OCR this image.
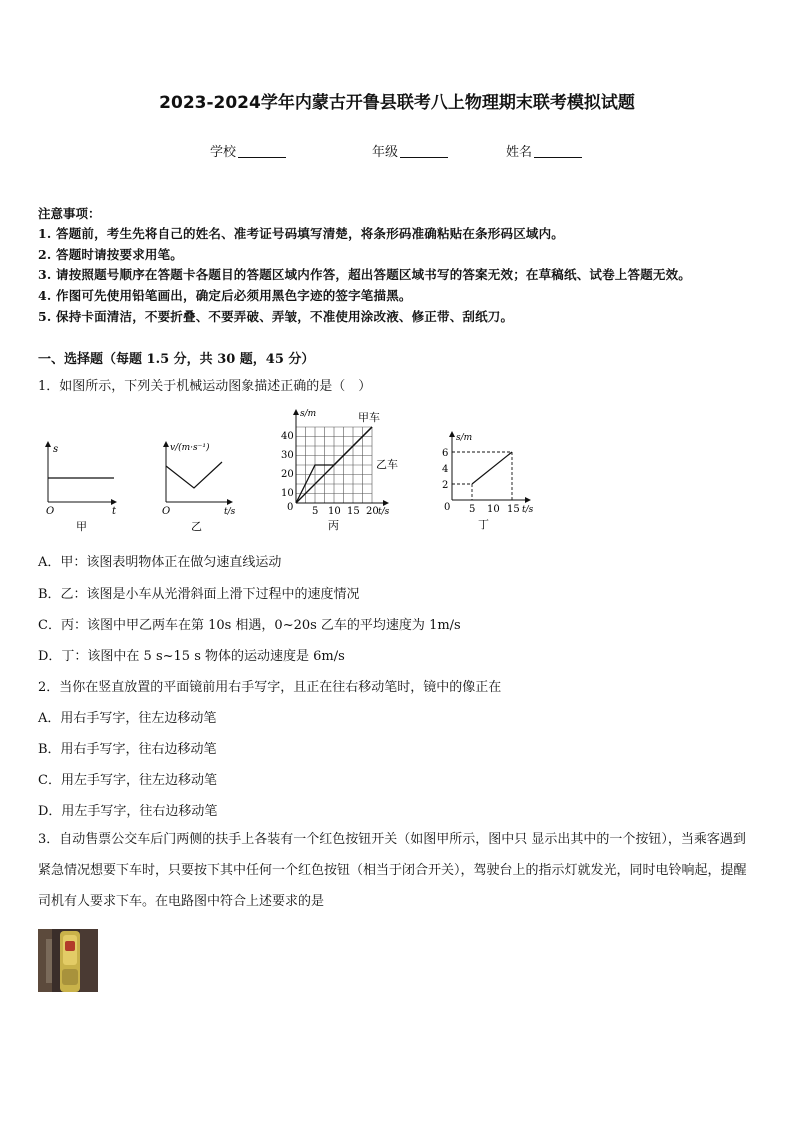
2023-2024学年内蒙古开鲁县联考八上物理期末联考模拟试题
学校	年级	姓名
注意事项：
1. 答题前，考生先将自己的姓名、准考证号码填写清楚，将条形码准确粘贴在条形码区域内。
2. 答题时请按要求用笔。
3. 请按照题号顺序在答题卡各题目的答题区域内作答，超出答题区域书写的答案无效；在草稿纸、试卷上答题无效。
4. 作图可先使用铅笔画出，确定后必须用黑色字迹的签字笔描黑。
5. 保持卡面清洁，不要折叠、不要弄破、弄皱，不准使用涂改液、修正带、刮纸刀。
一、选择题（每题 1.5 分，共 30 题，45 分）
1．如图所示，下列关于机械运动图象描述正确的是（　）
s
O	t
甲
v/(m·s⁻¹)
O	t/s
乙
s/m	甲车
乙车
10
20
30
40
0 5 10 15 20 t/s
丙
s/m
6
4
2
0 5 10 15 t/s
丁
A．甲：该图表明物体正在做匀速直线运动
B．乙：该图是小车从光滑斜面上滑下过程中的速度情况
C．丙：该图中甲乙两车在第 10s 相遇，0~20s 乙车的平均速度为 1m/s
D．丁：该图中在 5 s~15 s 物体的运动速度是 6m/s
2．当你在竖直放置的平面镜前用右手写字，且正在往右移动笔时，镜中的像正在
A．用右手写字，往左边移动笔
B．用右手写字，往右边移动笔
C．用左手写字，往左边移动笔
D．用左手写字，往右边移动笔
3．自动售票公交车后门两侧的扶手上各装有一个红色按钮开关（如图甲所示，图中只 显示出其中的一个按钮），当乘客遇到紧急情况想要下车时，只要按下其中任何一个红色按钮（相当于闭合开关），驾驶台上的指示灯就发光，同时电铃响起，提醒司机有人要求下车。在电路图中符合上述要求的是
